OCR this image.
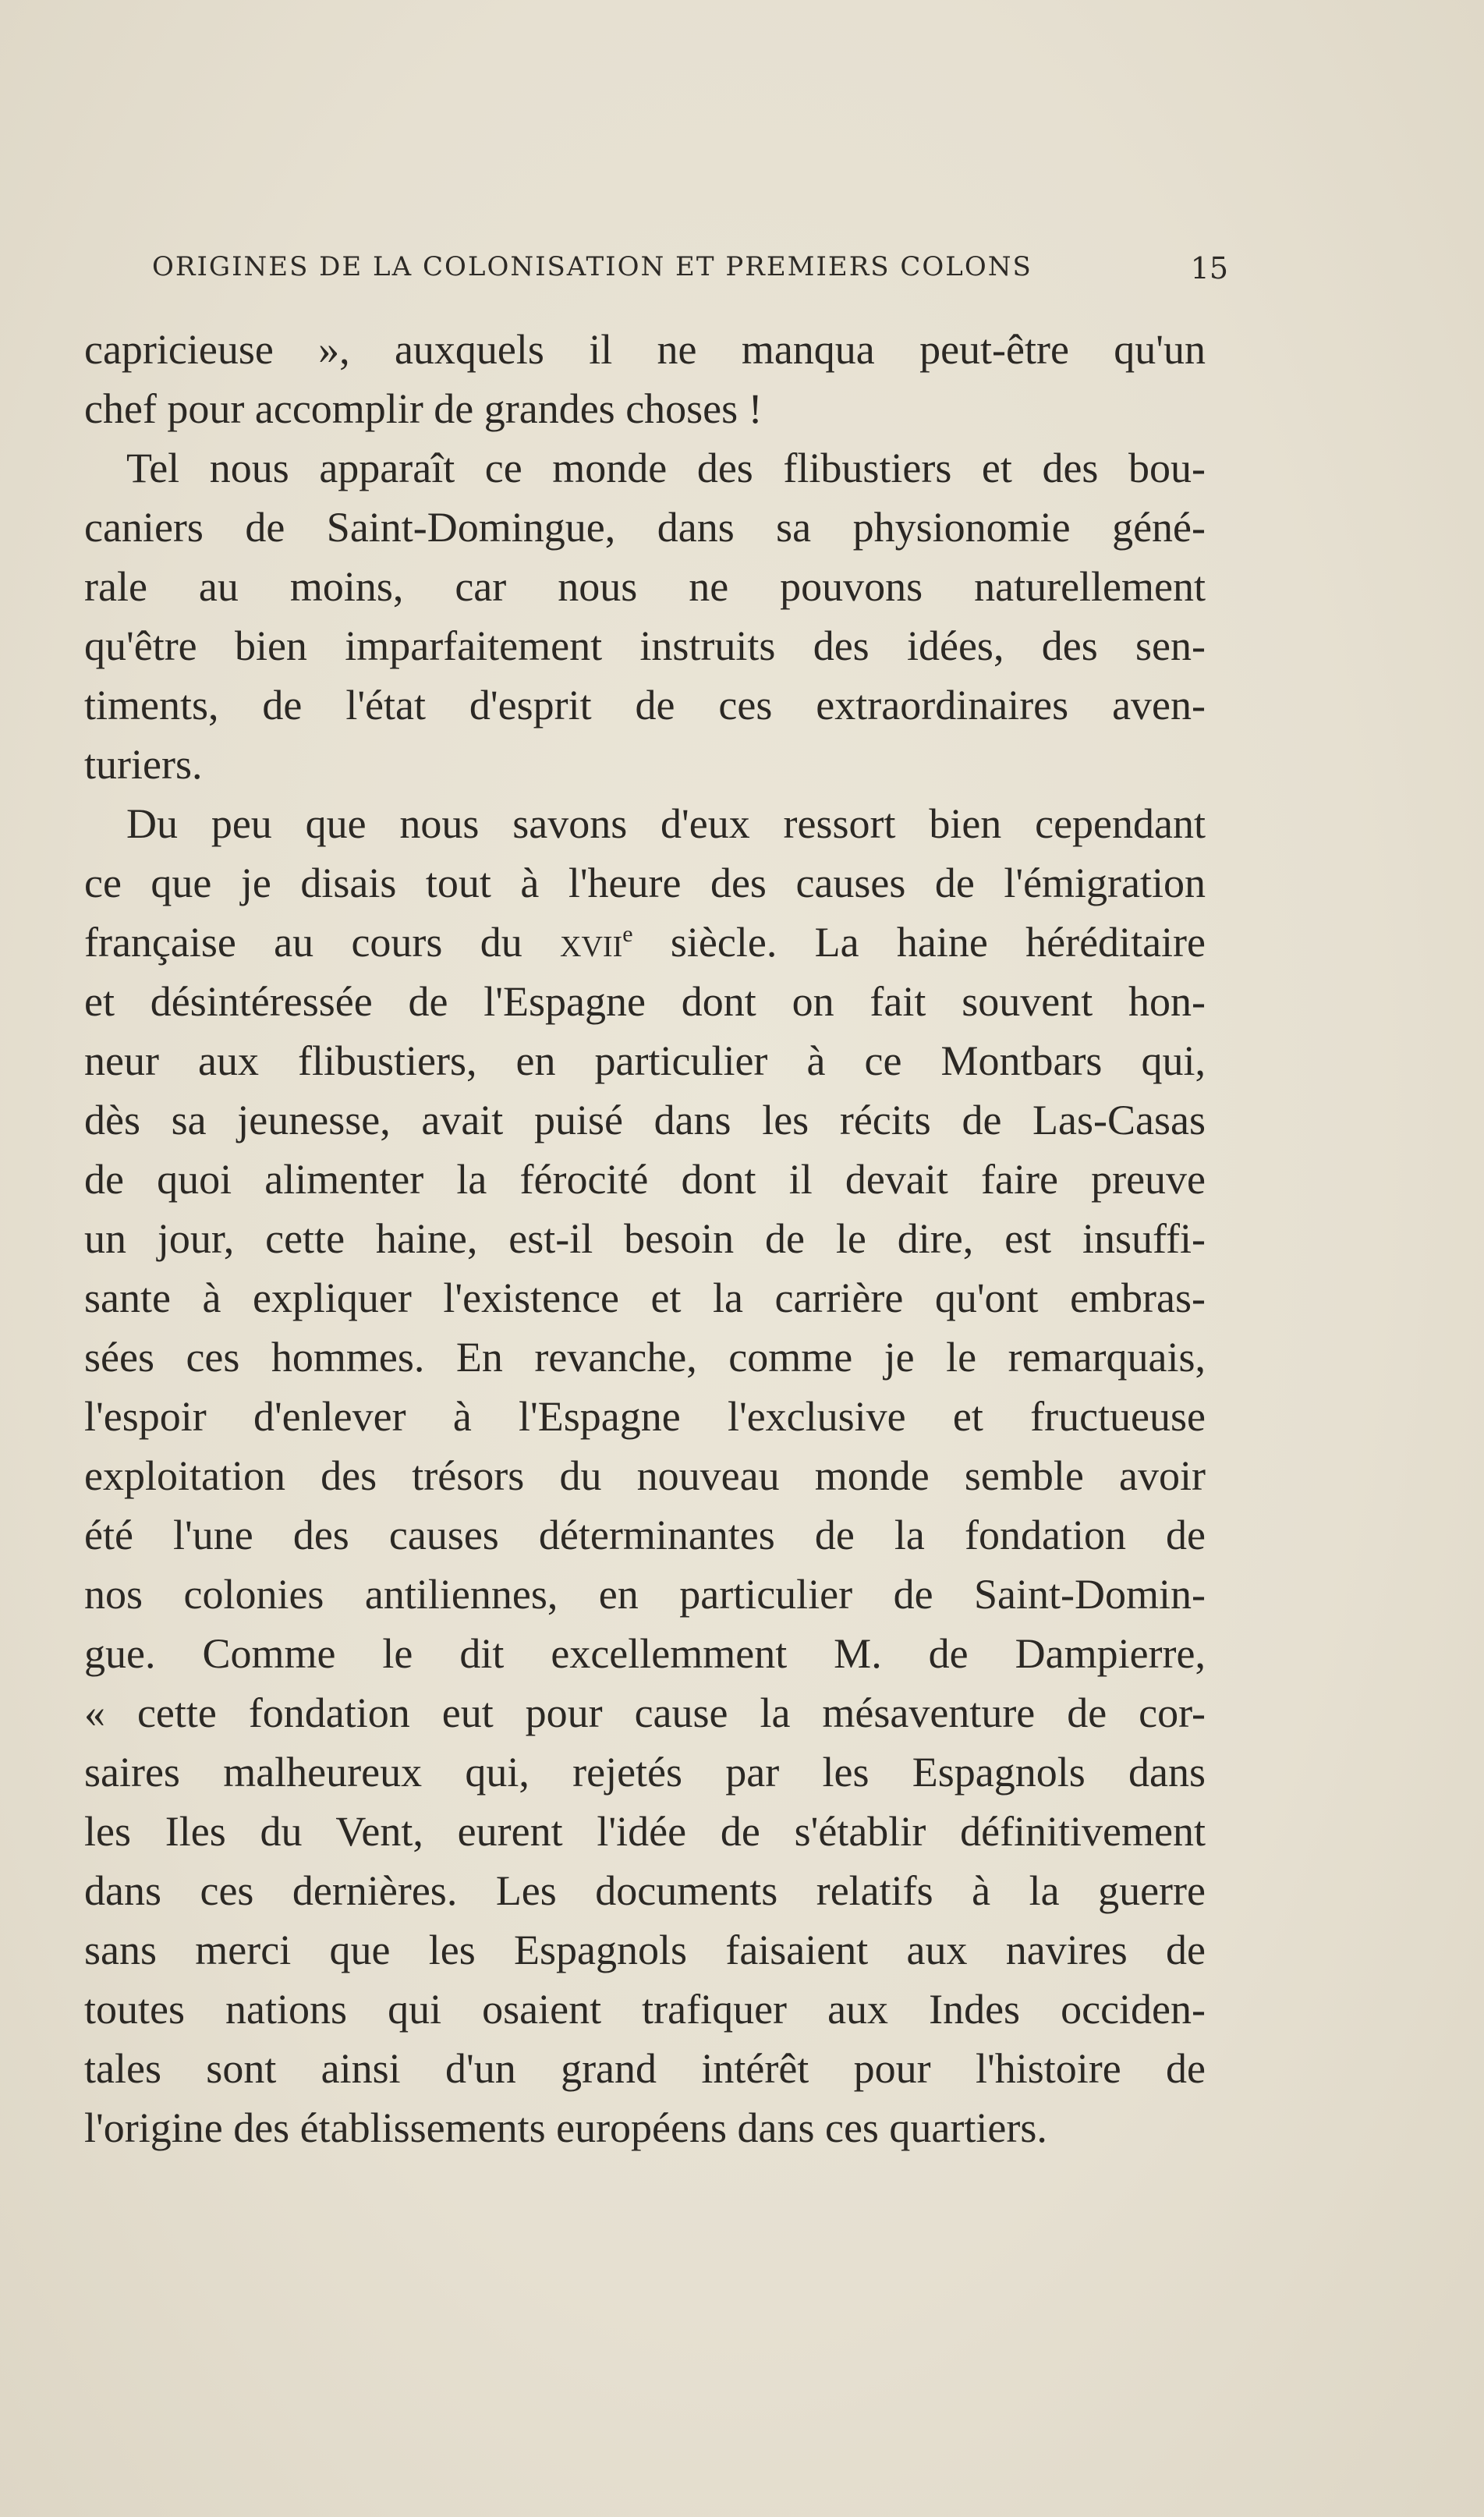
ORIGINES DE LA COLONISATION ET PREMIERS COLONS	15
capricieuse », auxquels il ne manqua peut-être qu'un
chef pour accomplir de grandes choses !
Tel nous apparaît ce monde des flibustiers et des bou-
caniers de Saint-Domingue, dans sa physionomie géné-
rale au moins, car nous ne pouvons naturellement
qu'être bien imparfaitement instruits des idées, des sen-
timents, de l'état d'esprit de ces extraordinaires aven-
turiers.
Du peu que nous savons d'eux ressort bien cependant
ce que je disais tout à l'heure des causes de l'émigration
française au cours du xvii$^e$ siècle. La haine héréditaire
et désintéressée de l'Espagne dont on fait souvent hon-
neur aux flibustiers, en particulier à ce Montbars qui,
dès sa jeunesse, avait puisé dans les récits de Las-Casas
de quoi alimenter la férocité dont il devait faire preuve
un jour, cette haine, est-il besoin de le dire, est insuffi-
sante à expliquer l'existence et la carrière qu'ont embras-
sées ces hommes. En revanche, comme je le remarquais,
l'espoir d'enlever à l'Espagne l'exclusive et fructueuse
exploitation des trésors du nouveau monde semble avoir
été l'une des causes déterminantes de la fondation de
nos colonies antiliennes, en particulier de Saint-Domin-
gue. Comme le dit excellemment M. de Dampierre,
« cette fondation eut pour cause la mésaventure de cor-
saires malheureux qui, rejetés par les Espagnols dans
les Iles du Vent, eurent l'idée de s'établir définitivement
dans ces dernières. Les documents relatifs à la guerre
sans merci que les Espagnols faisaient aux navires de
toutes nations qui osaient trafiquer aux Indes occiden-
tales sont ainsi d'un grand intérêt pour l'histoire de
l'origine des établissements européens dans ces quartiers.
